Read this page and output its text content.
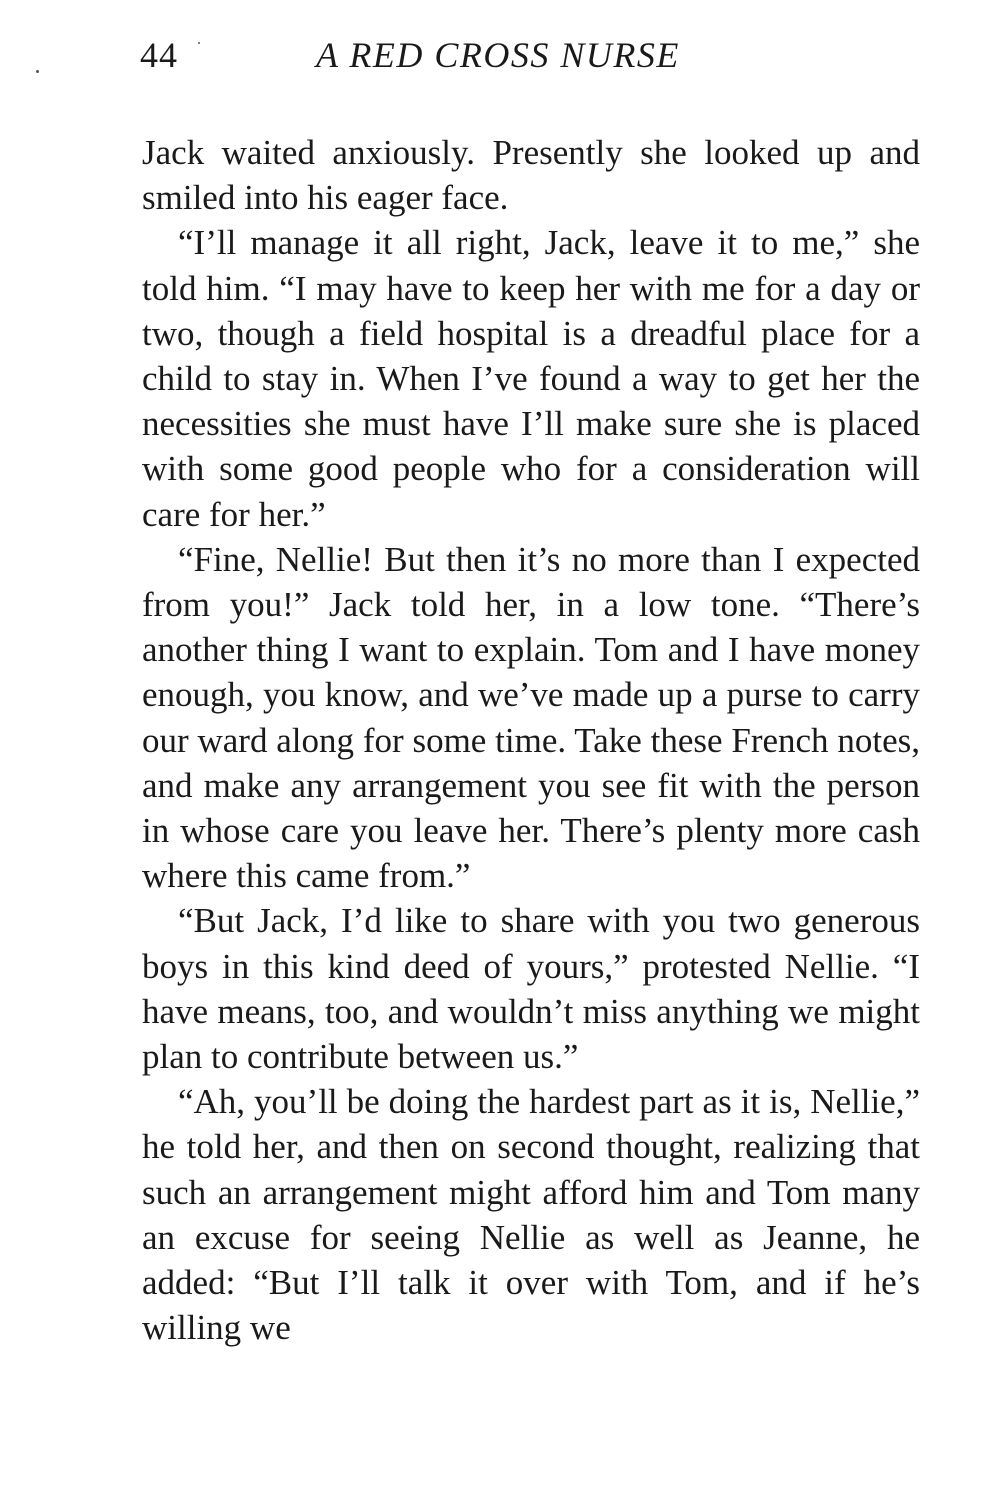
44	A RED CROSS NURSE

Jack waited anxiously. Presently she looked up and smiled into his eager face.

“I’ll manage it all right, Jack, leave it to me,” she told him. “I may have to keep her with me for a day or two, though a field hospital is a dreadful place for a child to stay in. When I’ve found a way to get her the necessities she must have I’ll make sure she is placed with some good people who for a consideration will care for her.”

“Fine, Nellie! But then it’s no more than I expected from you!” Jack told her, in a low tone. “There’s another thing I want to explain. Tom and I have money enough, you know, and we’ve made up a purse to carry our ward along for some time. Take these French notes, and make any arrangement you see fit with the person in whose care you leave her. There’s plenty more cash where this came from.”

“But Jack, I’d like to share with you two generous boys in this kind deed of yours,” protested Nellie. “I have means, too, and wouldn’t miss anything we might plan to contribute between us.”

“Ah, you’ll be doing the hardest part as it is, Nellie,” he told her, and then on second thought, realizing that such an arrangement might afford him and Tom many an excuse for seeing Nellie as well as Jeanne, he added: “But I’ll talk it over with Tom, and if he’s willing we
